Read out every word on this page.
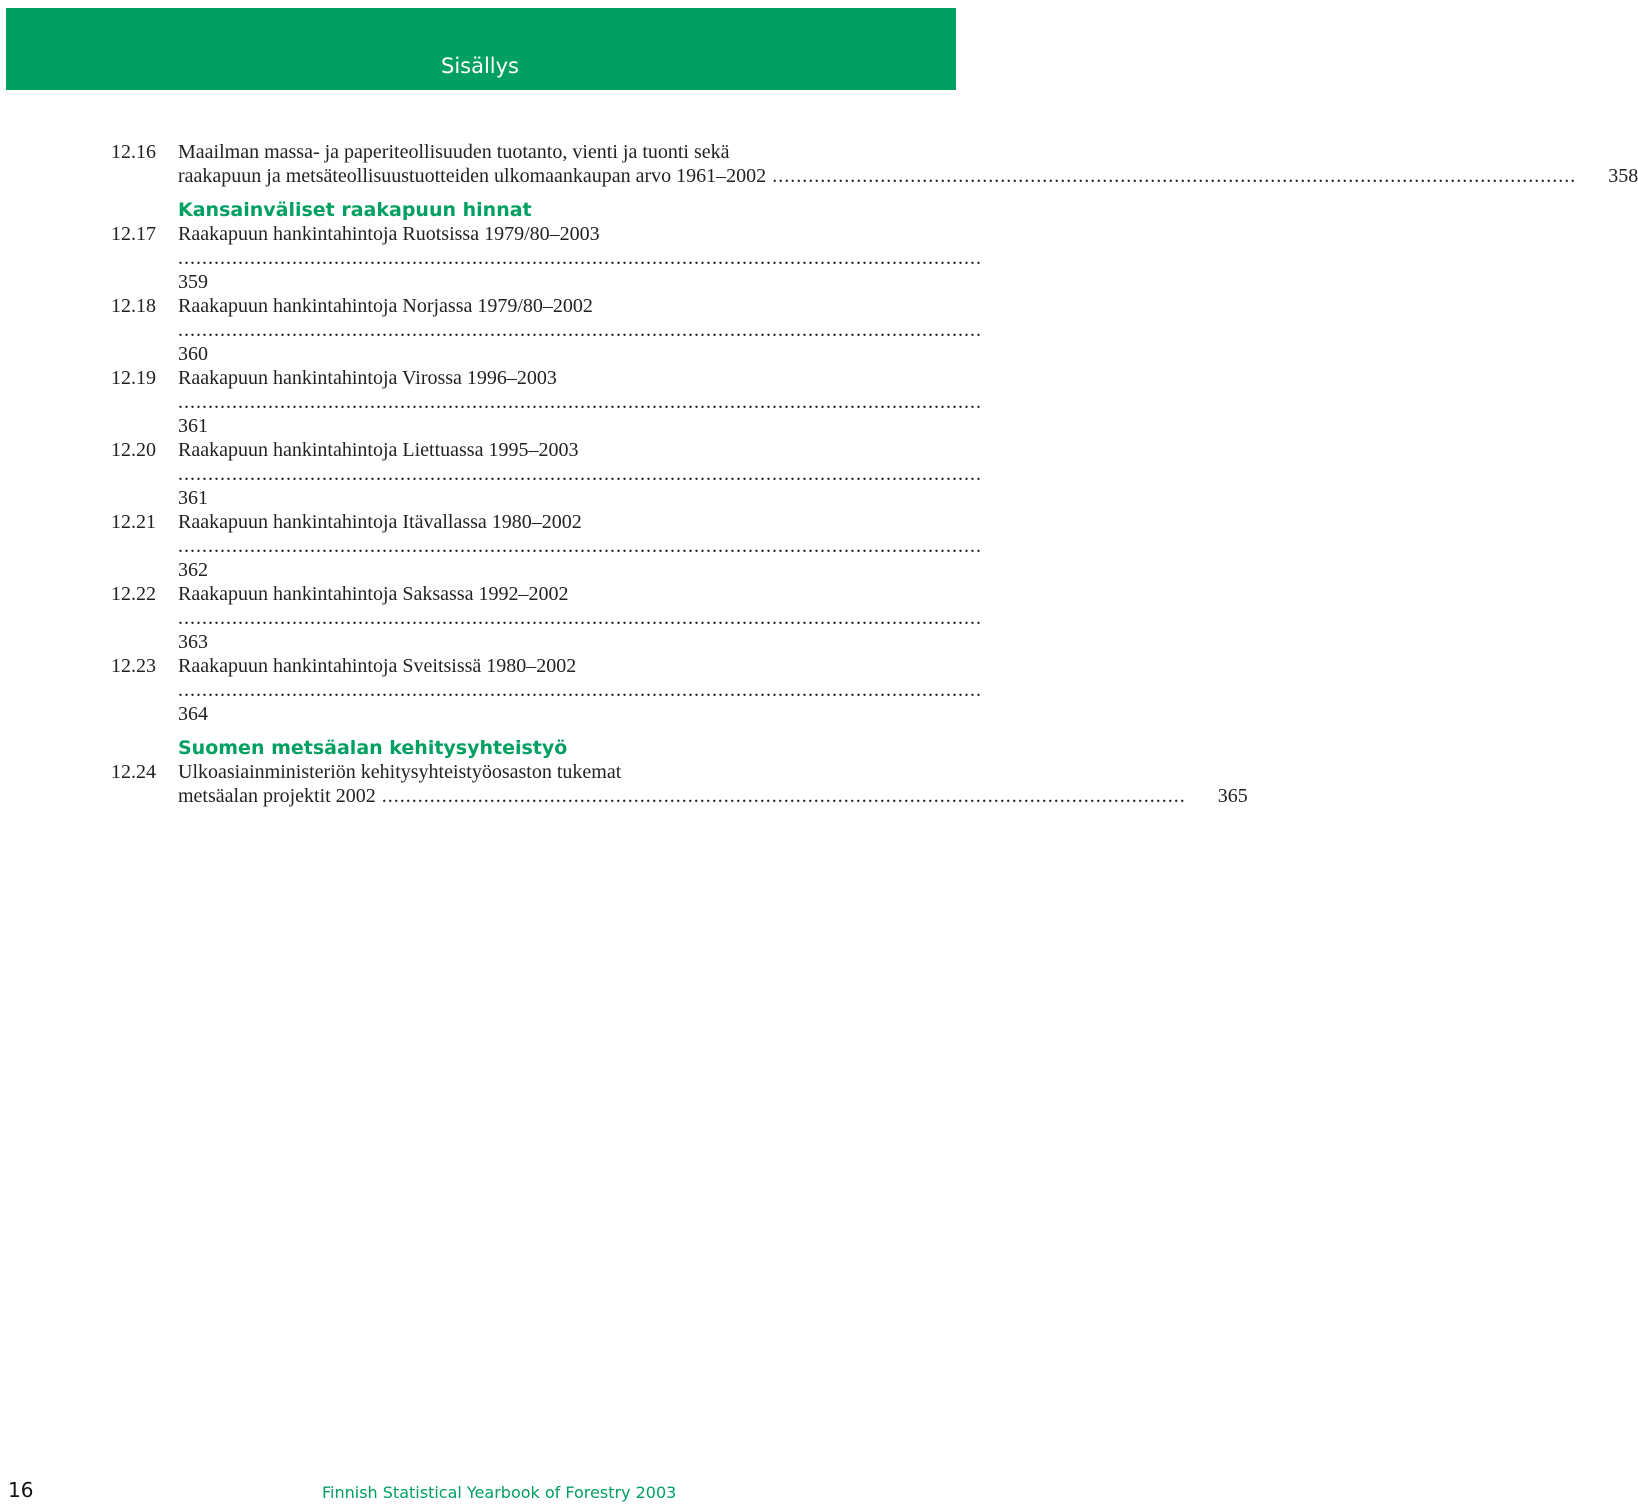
Sisällys
12.16 Maailman massa- ja paperiteollisuuden tuotanto, vienti ja tuonti sekä
raakapuun ja metsäteollisuustuotteiden ulkomaankaupan arvo 1961–2002 ...................................................................................................................................... 358
Kansainväliset raakapuun hinnat
12.17 Raakapuun hankintahintoja Ruotsissa 1979/80–2003 ...................................................................................................................................... 359
12.18 Raakapuun hankintahintoja Norjassa 1979/80–2002 ...................................................................................................................................... 360
12.19 Raakapuun hankintahintoja Virossa 1996–2003 ...................................................................................................................................... 361
12.20 Raakapuun hankintahintoja Liettuassa 1995–2003 ...................................................................................................................................... 361
12.21 Raakapuun hankintahintoja Itävallassa 1980–2002 ...................................................................................................................................... 362
12.22 Raakapuun hankintahintoja Saksassa 1992–2002 ...................................................................................................................................... 363
12.23 Raakapuun hankintahintoja Sveitsissä 1980–2002 ...................................................................................................................................... 364
Suomen metsäalan kehitysyhteistyö
12.24 Ulkoasiainministeriön kehitysyhteistyöosaston tukemat
metsäalan projektit 2002 ...................................................................................................................................... 365
16	Finnish Statistical Yearbook of Forestry 2003
